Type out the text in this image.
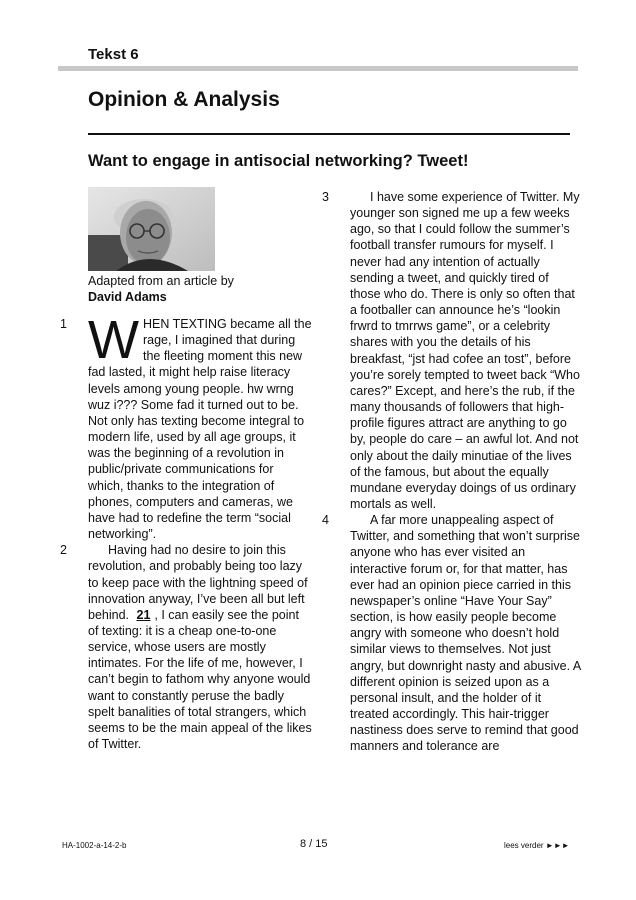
Tekst 6
Opinion & Analysis
Want to engage in antisocial networking? Tweet!
Adapted from an article by
David Adams

1 W HEN TEXTING became all the rage, I imagined that during the fleeting moment this new fad lasted, it might help raise literacy levels among young people. hw wrng wuz i??? Some fad it turned out to be. Not only has texting become integral to modern life, used by all age groups, it was the beginning of a revolution in public/private communications for which, thanks to the integration of phones, computers and cameras, we have had to redefine the term “social networking”.

2	Having had no desire to join this revolution, and probably being too lazy to keep pace with the lightning speed of innovation anyway, I’ve been all but left behind. 21 , I can easily see the point of texting: it is a cheap one-to-one service, whose users are mostly intimates. For the life of me, however, I can’t begin to fathom why anyone would want to constantly peruse the badly spelt banalities of total strangers, which seems to be the main appeal of the likes of Twitter.

3	I have some experience of Twitter. My younger son signed me up a few weeks ago, so that I could follow the summer’s football transfer rumours for myself. I never had any intention of actually sending a tweet, and quickly tired of those who do. There is only so often that a footballer can announce he’s “lookin frwrd to tmrrws game”, or a celebrity shares with you the details of his breakfast, “jst had cofee an tost”, before you’re sorely tempted to tweet back “Who cares?” Except, and here’s the rub, if the many thousands of followers that high-profile figures attract are anything to go by, people do care – an awful lot. And not only about the daily minutiae of the lives of the famous, but about the equally mundane everyday doings of us ordinary mortals as well.

4	A far more unappealing aspect of Twitter, and something that won’t surprise anyone who has ever visited an interactive forum or, for that matter, has ever had an opinion piece carried in this newspaper’s online “Have Your Say” section, is how easily people become angry with someone who doesn’t hold similar views to themselves. Not just angry, but downright nasty and abusive. A different opinion is seized upon as a personal insult, and the holder of it treated accordingly. This hair-trigger nastiness does serve to remind that good manners and tolerance are

HA-1002-a-14-2-b	8 / 15	lees verder ►►►
